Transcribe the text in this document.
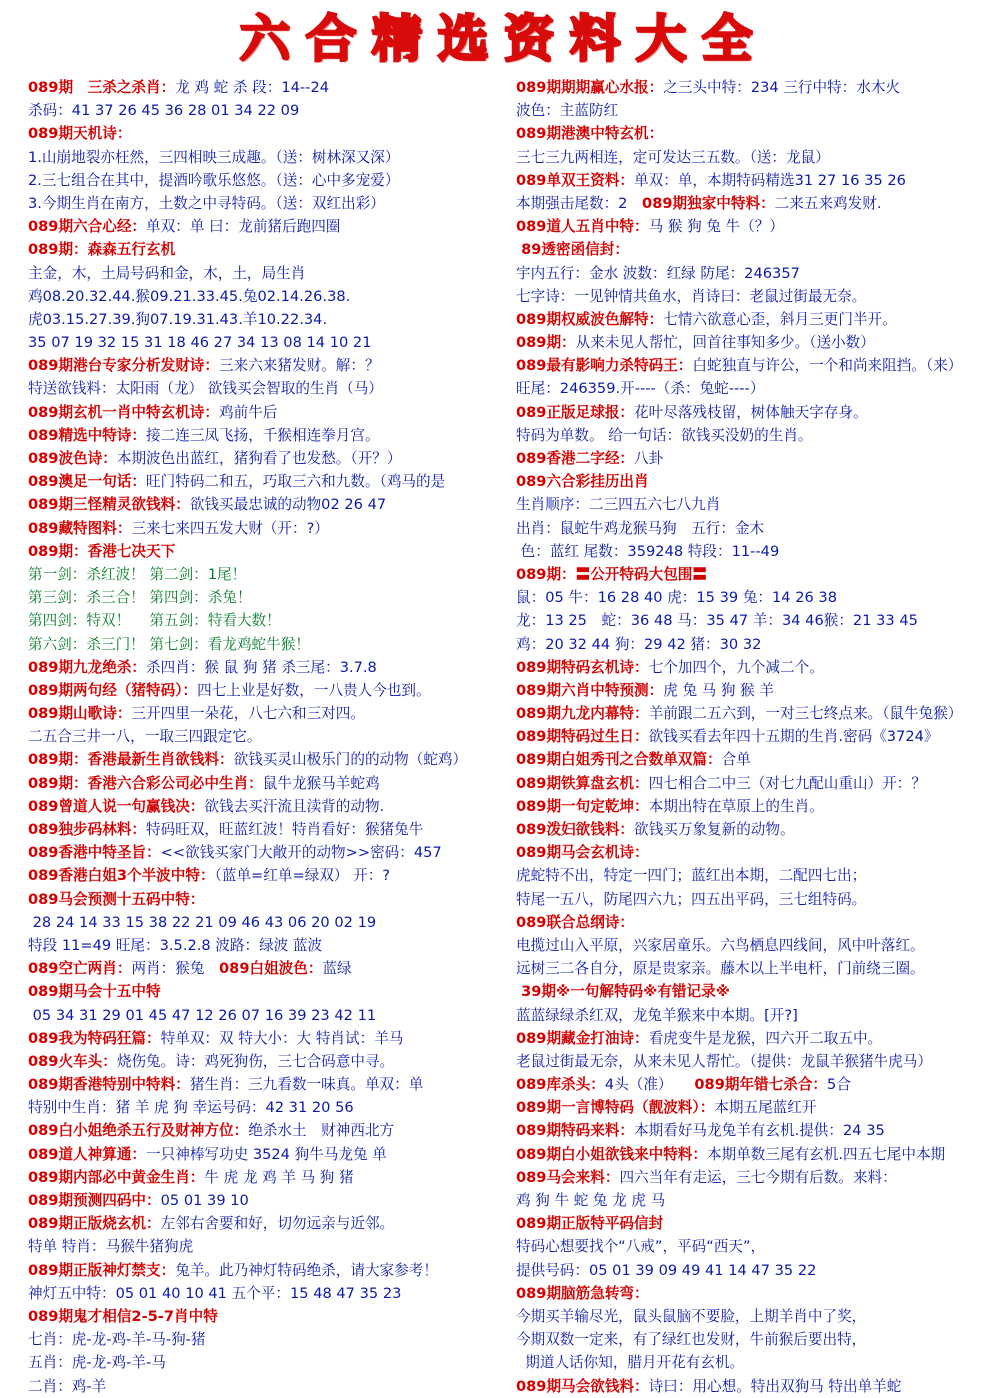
六合精选资料大全
089期　三杀之杀肖：龙 鸡 蛇 杀 段：14--24
杀码：41 37 26 45 36 28 01 34 22 09
089期天机诗：
1.山崩地裂亦枉然，三四相映三成趣。（送：树林深又深）
2.三七组合在其中，提酒吟歌乐悠悠。（送：心中多宠爱）
3.今期生肖在南方，土数之中寻特码。（送：双红出彩）
089期六合心经：单双：单 曰：龙前猪后跑四圈
089期：森森五行玄机
主金，木，土局号码和金，木，土，局生肖
鸡08.20.32.44.猴09.21.33.45.兔02.14.26.38.
虎03.15.27.39.狗07.19.31.43.羊10.22.34.
35 07 19 32 15 31 18 46 27 34 13 08 14 10 21
089期港台专家分析发财诗：三来六来猪发财。解：？
特送欲钱料：太阳雨（龙） 欲钱买会智取的生肖（马）
089期玄机一肖中特玄机诗：鸡前牛后
089精选中特诗：接二连三凤飞扬，千猴相连拳月宫。
089波色诗：本期波色出蓝红，猪狗看了也发愁。（开？）
089澳足一句话：旺门特码二和五，巧取三六和九数。（鸡马的是
089期三怪精灵欲钱料：欲钱买最忠诚的动物02 26 47
089藏特图料：三来七来四五发大财（开：?）
089期：香港七决天下
第一剑：杀红波！ 第二剑：1尾！
第三剑：杀三合！ 第四剑：杀兔！
第四剑：特双！　 第五剑：特看大数！
第六剑：杀三门！ 第七剑：看龙鸡蛇牛猴！
089期九龙绝杀：杀四肖：猴 鼠 狗 猪 杀三尾：3.7.8
089期两句经（猪特码）：四七上业是好数，一八贵人今也到。
089期山歌诗：三开四里一朵花，八七六和三对四。
二五合三井一八，一取三四跟定它。
089期：香港最新生肖欲钱料：欲钱买灵山极乐门的的动物（蛇鸡）
089期：香港六合彩公司必中生肖：鼠牛龙猴马羊蛇鸡
089曾道人说一句赢钱决：欲钱去买汗流且渎背的动物.
089独步码林料：特码旺双，旺蓝红波！特肖看好：猴猪兔牛
089香港中特圣旨：<<欲钱买家门大敞开的动物>>密码：457
089香港白姐3个半波中特：（蓝单=红单=绿双） 开：?
089马会预测十五码中特：
28 24 14 33 15 38 22 21 09 46 43 06 20 02 19
特段 11=49 旺尾：3.5.2.8 波路：绿波 蓝波
089空亡两肖：两肖：猴兔　089白姐波色：蓝绿
089期马会十五中特
05 34 31 29 01 45 47 12 26 07 16 39 23 42 11
089我为特码狂篇：特单双：双 特大小：大 特肖试：羊马
089火车头：烧伤兔。诗：鸡死狗伤，三七合码意中寻。
089期香港特别中特料：猪生肖：三九看数一味真。单双：单
特别中生肖：猪 羊 虎 狗 幸运号码：42 31 20 56
089白小姐绝杀五行及财神方位：绝杀水土　财神西北方
089道人神算通：一只神棒写功史 3524 狗牛马龙兔 单
089期内部必中黄金生肖：牛 虎 龙 鸡 羊 马 狗 猪
089期预测四码中：05 01 39 10
089期正版烧玄机：左邻右舍要和好，切勿远亲与近邻。
特单 特肖：马猴牛猪狗虎
089期正版神灯禁支：兔羊。此乃神灯特码绝杀，请大家参考！
神灯五中特：05 01 40 10 41 五个平：15 48 47 35 23
089期鬼才相信2-5-7肖中特
七肖：虎-龙-鸡-羊-马-狗-猪
五肖：虎-龙-鸡-羊-马
二肖：鸡-羊
089期期期赢心水报：之三头中特：234 三行中特：水木火
波色：主蓝防红
089期港澳中特玄机：
三七三九两相连，定可发达三五数。（送：龙鼠）
089单双王资料：单双：单，本期特码精选31 27 16 35 26
本期强击尾数：2　089期独家中特料：二来五来鸡发财.
089道人五肖中特：马 猴 狗 兔 牛（？）
89透密函信封：
宇内五行：金水 波数：红绿 防尾：246357
七字诗：一见钟情共鱼水，肖诗曰：老鼠过街最无奈。
089期权威波色解特：七情六欲意心歪，斜月三更门半开。
089期：从来未见人帮忙，回首往事知多少。（送小数）
089最有影响力杀特码王：白蛇独直与许公，一个和尚来阻挡。（来）
旺尾：246359.开----（杀：兔蛇----）
089正版足球报：花叶尽落残枝留，树体触天字存身。
特码为单数。 给一句话：欲钱买没奶的生肖。
089香港二字经：八卦
089六合彩挂历出肖
生肖顺序：二三四五六七八九肖
出肖：鼠蛇牛鸡龙猴马狗　五行：金木
色：蓝红 尾数：359248 特段：11--49
089期：〓公开特码大包围〓
鼠：05 牛：16 28 40 虎：15 39 兔：14 26 38
龙：13 25　蛇：36 48 马：35 47 羊：34 46猴：21 33 45
鸡：20 32 44 狗：29 42 猪：30 32
089期特码玄机诗：七个加四个，九个减二个。
089期六肖中特预测：虎 兔 马 狗 猴 羊
089期九龙内幕特：羊前跟二五六到，一对三七终点来。（鼠牛兔猴）
089期特码过生日：欲钱买看去年四十五期的生肖.密码《3724》
089期白姐秀刊之合数单双篇：合单
089期铁算盘玄机：四七相合二中三（对七九配山重山）开：？
089期一句定乾坤：本期出特在草原上的生肖。
089泼妇欲钱料：欲钱买万象复新的动物。
089期马会玄机诗：
虎蛇特不出，特定一四门；蓝红出本期，二配四七出；
特尾一五八，防尾四六九；四五出平码，三七组特码。
089联合总纲诗：
电揽过山入平原，兴家居童乐。六鸟栖息四线间，风中叶落红。
远树三二各自分，原是贵家亲。藤木以上半电杆，门前绕三圈。
39期※一句解特码※有错记录※
蓝蓝绿绿杀红双，龙兔羊猴来中本期。[开?]
089期藏金打油诗：看虎变牛是龙猴，四六开二取五中。
老鼠过街最无奈，从来未见人帮忙。（提供：龙鼠羊猴猪牛虎马）
089库杀头：4头（准）　　089期年错七杀合：5合
089期一言博特码（靓波料）：本期五尾蓝红开
089期特码来料：本期看好马龙兔羊有玄机.提供：24 35
089期白小姐欲钱来中特料：本期单数三尾有玄机.四五七尾中本期
089马会来料：四六当年有走运，三七今期有后数。来料：
鸡 狗 牛 蛇 兔 龙 虎 马
089期正版特平码信封
特码心想要找个“八戒”，平码“西天”，
提供号码：05 01 39 09 49 41 14 47 35 22
089期脑筋急转弯：
今期买羊输尽光，鼠头鼠脑不要脸，上期羊肖中了奖，
今期双数一定来，有了绿红也发财，牛前猴后要出特，
期道人话你知，腊月开花有玄机。
089期马会欲钱料：诗曰：用心想。特出双狗马 特出单羊蛇
